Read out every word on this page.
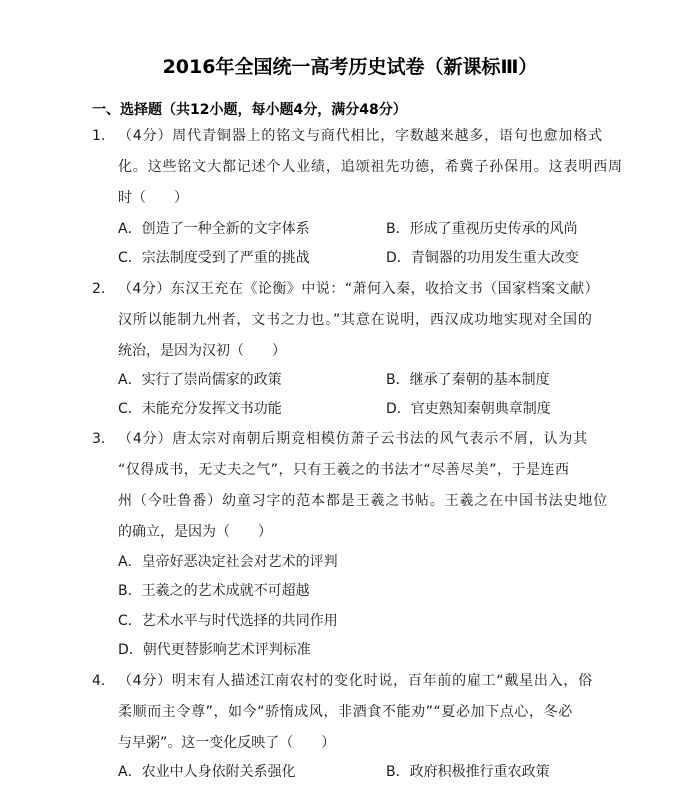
2016年全国统一高考历史试卷（新课标Ⅲ）
一、选择题（共12小题，每小题4分，满分48分）
1. （4分）周代青铜器上的铭文与商代相比，字数越来越多，语句也愈加格式
化。这些铭文大都记述个人业绩，追颂祖先功德，希冀子孙保用。这表明西周
时（　　）
A．创造了一种全新的文字体系	B．形成了重视历史传承的风尚
C．宗法制度受到了严重的挑战	D．青铜器的功用发生重大改变
2. （4分）东汉王充在《论衡》中说：“萧何入秦，收拾文书（国家档案文献）
汉所以能制九州者，文书之力也。”其意在说明，西汉成功地实现对全国的
统治，是因为汉初（　　）
A．实行了崇尚儒家的政策	B．继承了秦朝的基本制度
C．未能充分发挥文书功能	D．官吏熟知秦朝典章制度
3. （4分）唐太宗对南朝后期竞相模仿萧子云书法的风气表示不屑，认为其
“仅得成书，无丈夫之气”，只有王羲之的书法才“尽善尽美”，于是连西
州（今吐鲁番）幼童习字的范本都是王羲之书帖。王羲之在中国书法史地位
的确立，是因为（　　）
A．皇帝好恶决定社会对艺术的评判
B．王羲之的艺术成就不可超越
C．艺术水平与时代选择的共同作用
D．朝代更替影响艺术评判标准
4. （4分）明末有人描述江南农村的变化时说，百年前的雇工“戴星出入，俗
柔顺而主令尊”，如今“骄惰成风，非酒食不能劝”“夏必加下点心，冬必
与早粥”。这一变化反映了（　　）
A．农业中人身依附关系强化	B．政府积极推行重农政策
